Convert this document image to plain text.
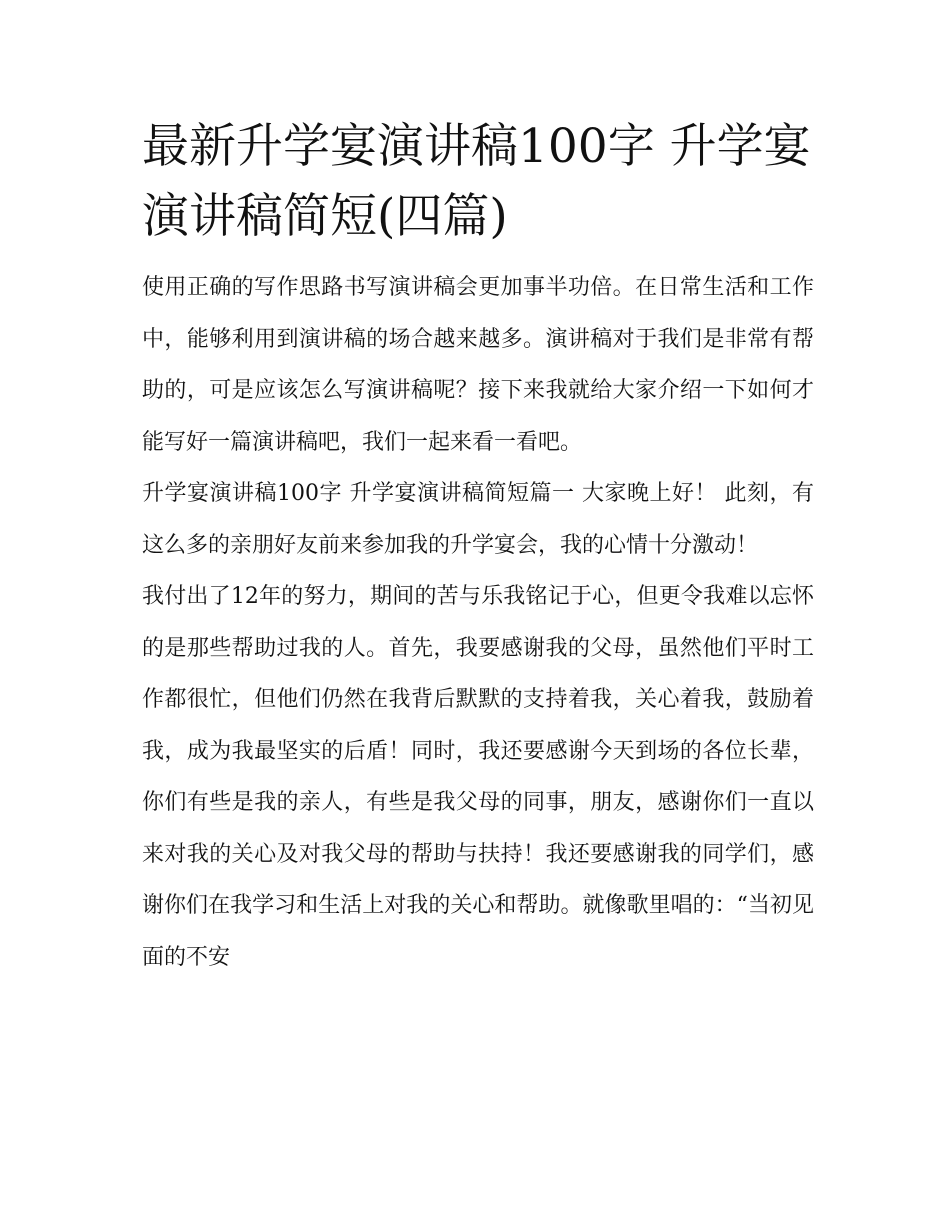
最新升学宴演讲稿100字 升学宴演讲稿简短(四篇)

使用正确的写作思路书写演讲稿会更加事半功倍。在日常生活和工作中，能够利用到演讲稿的场合越来越多。演讲稿对于我们是非常有帮助的，可是应该怎么写演讲稿呢？接下来我就给大家介绍一下如何才能写好一篇演讲稿吧，我们一起来看一看吧。

升学宴演讲稿100字 升学宴演讲稿简短篇一 大家晚上好！ 此刻，有这么多的亲朋好友前来参加我的升学宴会，我的心情十分激动！

我付出了12年的努力，期间的苦与乐我铭记于心，但更令我难以忘怀的是那些帮助过我的人。首先，我要感谢我的父母，虽然他们平时工作都很忙，但他们仍然在我背后默默的支持着我，关心着我，鼓励着我，成为我最坚实的后盾！同时，我还要感谢今天到场的各位长辈，你们有些是我的亲人，有些是我父母的同事，朋友，感谢你们一直以来对我的关心及对我父母的帮助与扶持！我还要感谢我的同学们，感谢你们在我学习和生活上对我的关心和帮助。就像歌里唱的：“当初见面的不安
